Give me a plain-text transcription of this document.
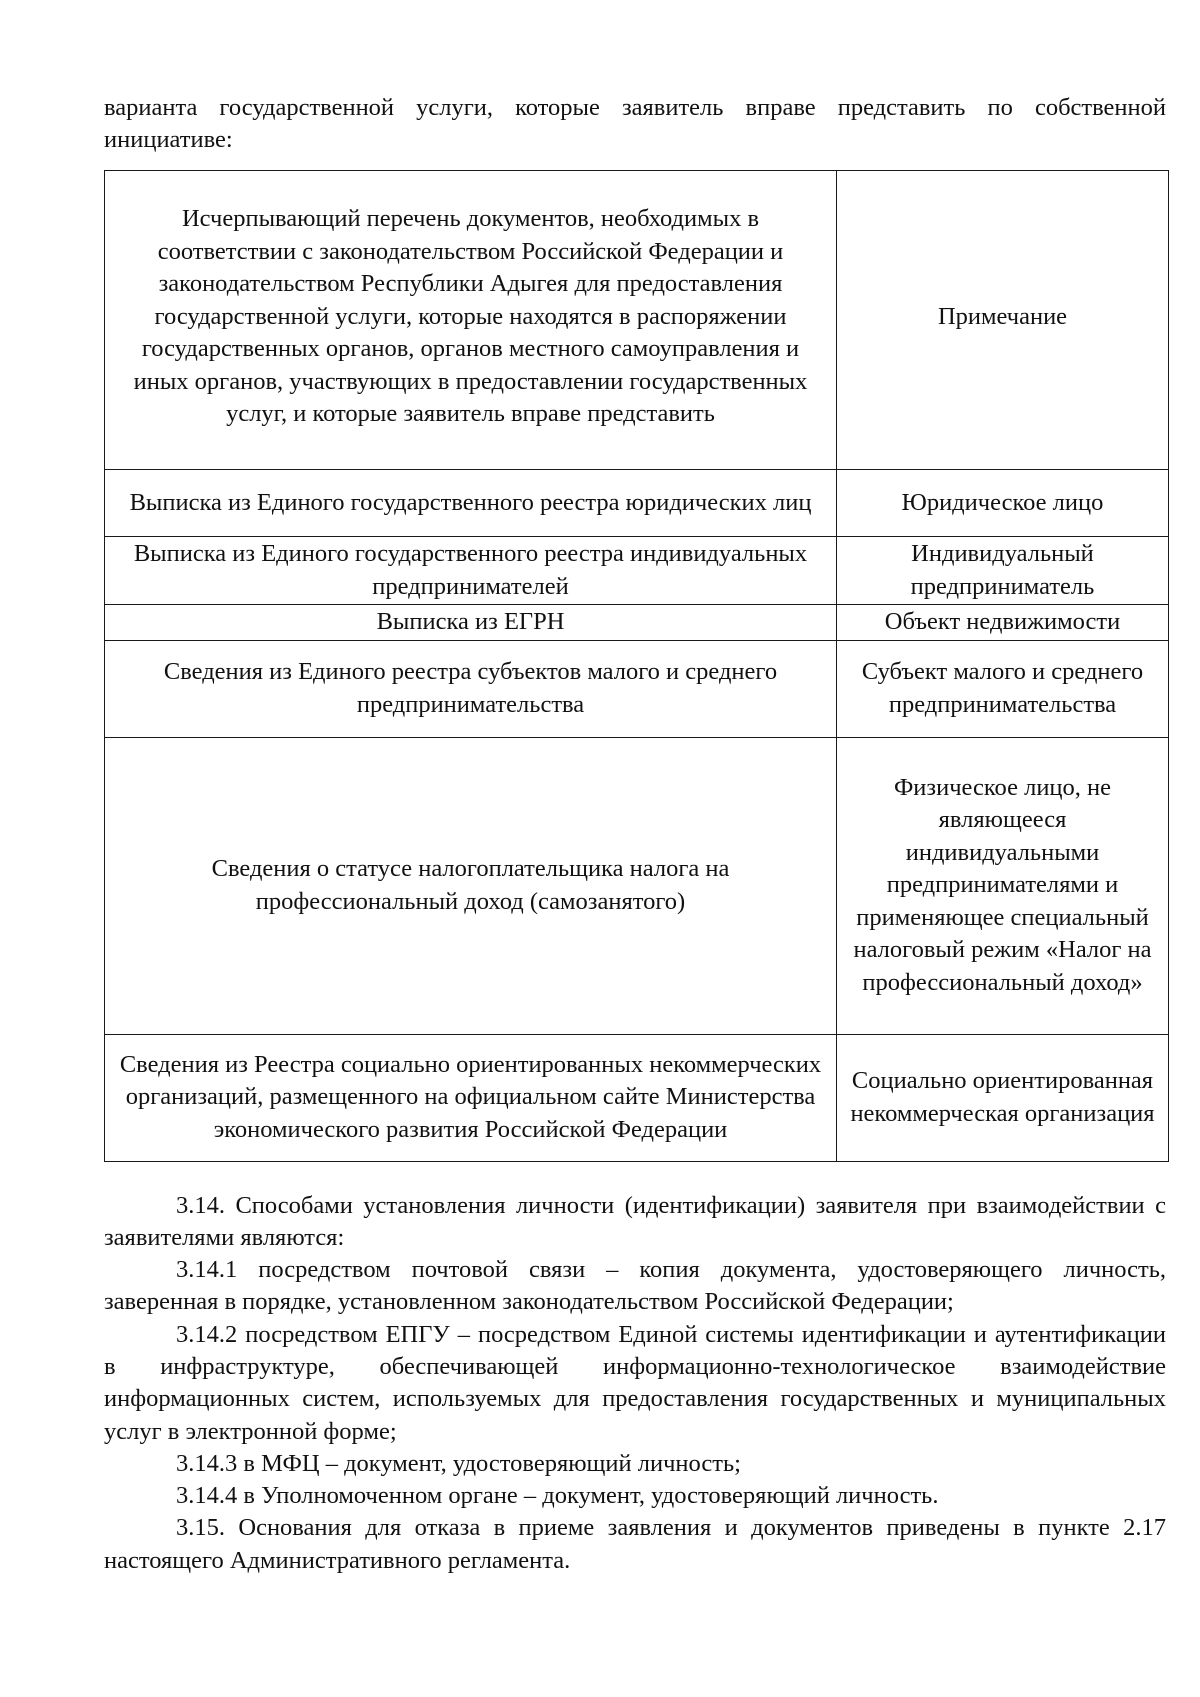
варианта государственной услуги, которые заявитель вправе представить по собственной инициативе:

Исчерпывающий перечень документов, необходимых в соответствии с законодательством Российской Федерации и законодательством Республики Адыгея для предоставления государственной услуги, которые находятся в распоряжении государственных органов, органов местного самоуправления и иных органов, участвующих в предоставлении государственных услуг, и которые заявитель вправе представить	Примечание
Выписка из Единого государственного реестра юридических лиц	Юридическое лицо
Выписка из Единого государственного реестра индивидуальных предпринимателей	Индивидуальный предприниматель
Выписка из ЕГРН	Объект недвижимости
Сведения из Единого реестра субъектов малого и среднего предпринимательства	Субъект малого и среднего предпринимательства
Сведения о статусе налогоплательщика налога на профессиональный доход (самозанятого)	Физическое лицо, не являющееся индивидуальными предпринимателями и применяющее специальный налоговый режим «Налог на профессиональный доход»
Сведения из Реестра социально ориентированных некоммерческих организаций, размещенного на официальном сайте Министерства экономического развития Российской Федерации	Социально ориентированная некоммерческая организация

3.14. Способами установления личности (идентификации) заявителя при взаимодействии с заявителями являются:

3.14.1 посредством почтовой связи – копия документа, удостоверяющего личность, заверенная в порядке, установленном законодательством Российской Федерации;

3.14.2 посредством ЕПГУ – посредством Единой системы идентификации и аутентификации в инфраструктуре, обеспечивающей информационно-технологическое взаимодействие информационных систем, используемых для предоставления государственных и муниципальных услуг в электронной форме;

3.14.3 в МФЦ – документ, удостоверяющий личность;

3.14.4 в Уполномоченном органе – документ, удостоверяющий личность.

3.15. Основания для отказа в приеме заявления и документов приведены в пункте 2.17 настоящего Административного регламента.
